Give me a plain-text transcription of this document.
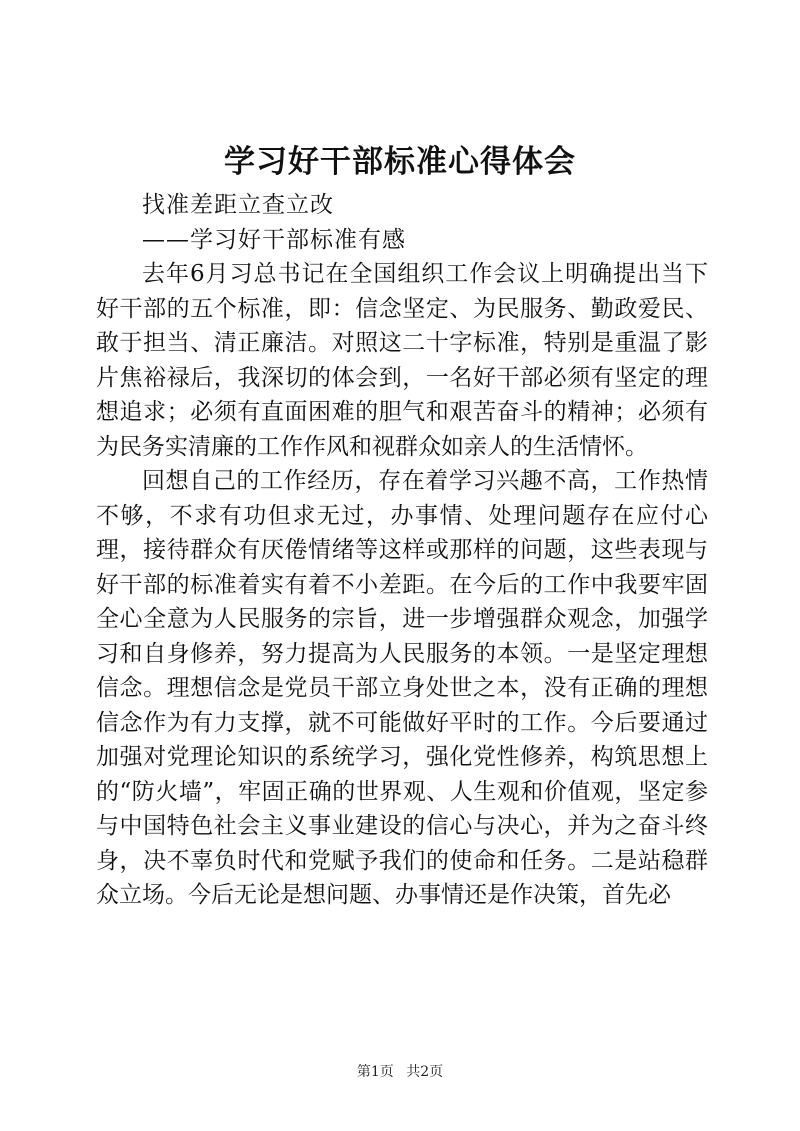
学习好干部标准心得体会

找准差距立查立改

——学习好干部标准有感

去年6月习总书记在全国组织工作会议上明确提出当下好干部的五个标准，即：信念坚定、为民服务、勤政爱民、敢于担当、清正廉洁。对照这二十字标准，特别是重温了影片焦裕禄后，我深切的体会到，一名好干部必须有坚定的理想追求；必须有直面困难的胆气和艰苦奋斗的精神；必须有为民务实清廉的工作作风和视群众如亲人的生活情怀。

回想自己的工作经历，存在着学习兴趣不高，工作热情不够，不求有功但求无过，办事情、处理问题存在应付心理，接待群众有厌倦情绪等这样或那样的问题，这些表现与好干部的标准着实有着不小差距。在今后的工作中我要牢固全心全意为人民服务的宗旨，进一步增强群众观念，加强学习和自身修养，努力提高为人民服务的本领。一是坚定理想信念。理想信念是党员干部立身处世之本，没有正确的理想信念作为有力支撑，就不可能做好平时的工作。今后要通过加强对党理论知识的系统学习，强化党性修养，构筑思想上的“防火墙”，牢固正确的世界观、人生观和价值观，坚定参与中国特色社会主义事业建设的信心与决心，并为之奋斗终身，决不辜负时代和党赋予我们的使命和任务。二是站稳群众立场。今后无论是想问题、办事情还是作决策，首先必

第1页 共2页
